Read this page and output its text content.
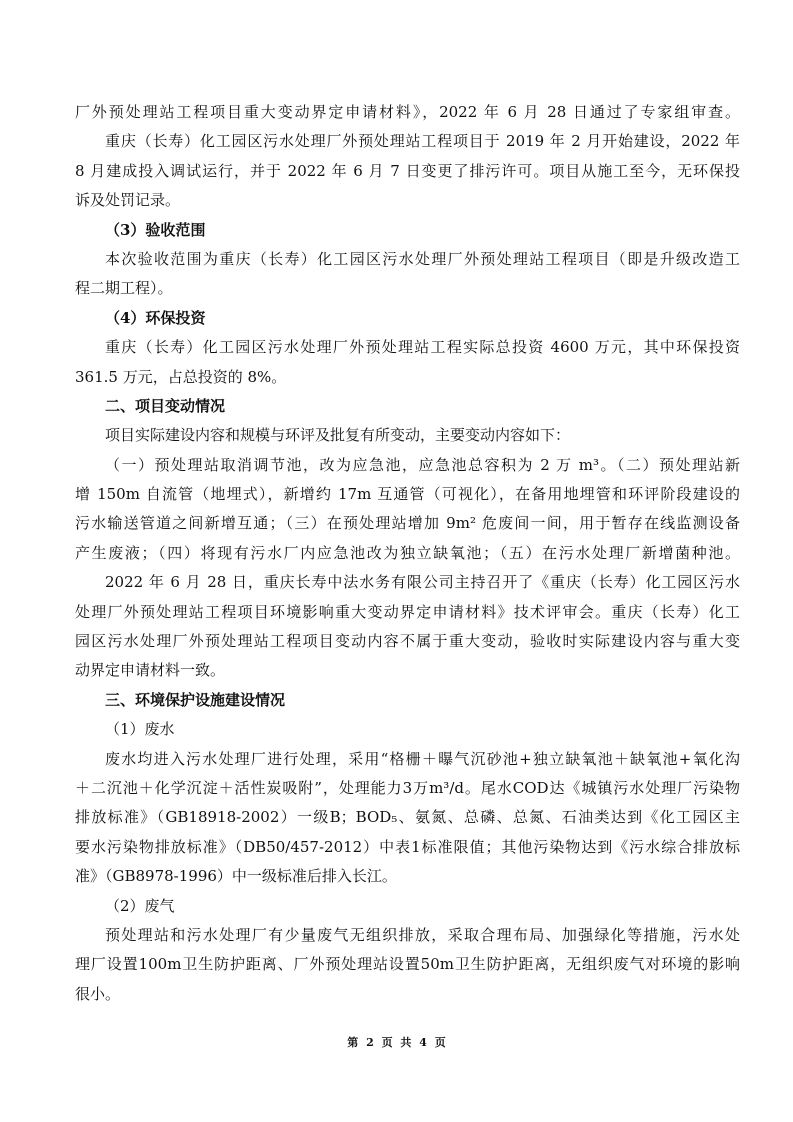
厂外预处理站工程项目重大变动界定申请材料》，2022 年 6 月 28 日通过了专家组审查。
重庆（长寿）化工园区污水处理厂外预处理站工程项目于 2019 年 2 月开始建设，2022 年
8 月建成投入调试运行，并于 2022 年 6 月 7 日变更了排污许可。项目从施工至今，无环保投
诉及处罚记录。
（3）验收范围
本次验收范围为重庆（长寿）化工园区污水处理厂外预处理站工程项目（即是升级改造工
程二期工程）。
（4）环保投资
重庆（长寿）化工园区污水处理厂外预处理站工程实际总投资 4600 万元，其中环保投资
361.5 万元，占总投资的 8%。
二、项目变动情况
项目实际建设内容和规模与环评及批复有所变动，主要变动内容如下：
（一）预处理站取消调节池，改为应急池，应急池总容积为 2 万 m³。（二）预处理站新
增 150m 自流管（地埋式），新增约 17m 互通管（可视化），在备用地埋管和环评阶段建设的
污水输送管道之间新增互通；（三）在预处理站增加 9m² 危废间一间，用于暂存在线监测设备
产生废液；（四）将现有污水厂内应急池改为独立缺氧池；（五）在污水处理厂新增菌种池。
2022 年 6 月 28 日，重庆长寿中法水务有限公司主持召开了《重庆（长寿）化工园区污水
处理厂外预处理站工程项目环境影响重大变动界定申请材料》技术评审会。重庆（长寿）化工
园区污水处理厂外预处理站工程项目变动内容不属于重大变动，验收时实际建设内容与重大变
动界定申请材料一致。
三、环境保护设施建设情况
（1）废水
废水均进入污水处理厂进行处理，采用“格栅＋曝气沉砂池+独立缺氧池＋缺氧池+氧化沟
＋二沉池＋化学沉淀＋活性炭吸附”，处理能力3万m³/d。尾水COD达《城镇污水处理厂污染物
排放标准》（GB18918-2002）一级B；BOD₅、氨氮、总磷、总氮、石油类达到《化工园区主
要水污染物排放标准》（DB50/457-2012）中表1标准限值；其他污染物达到《污水综合排放标
准》（GB8978-1996）中一级标准后排入长江。
（2）废气
预处理站和污水处理厂有少量废气无组织排放，采取合理布局、加强绿化等措施，污水处
理厂设置100m卫生防护距离、厂外预处理站设置50m卫生防护距离，无组织废气对环境的影响
很小。
第 2 页 共 4 页
